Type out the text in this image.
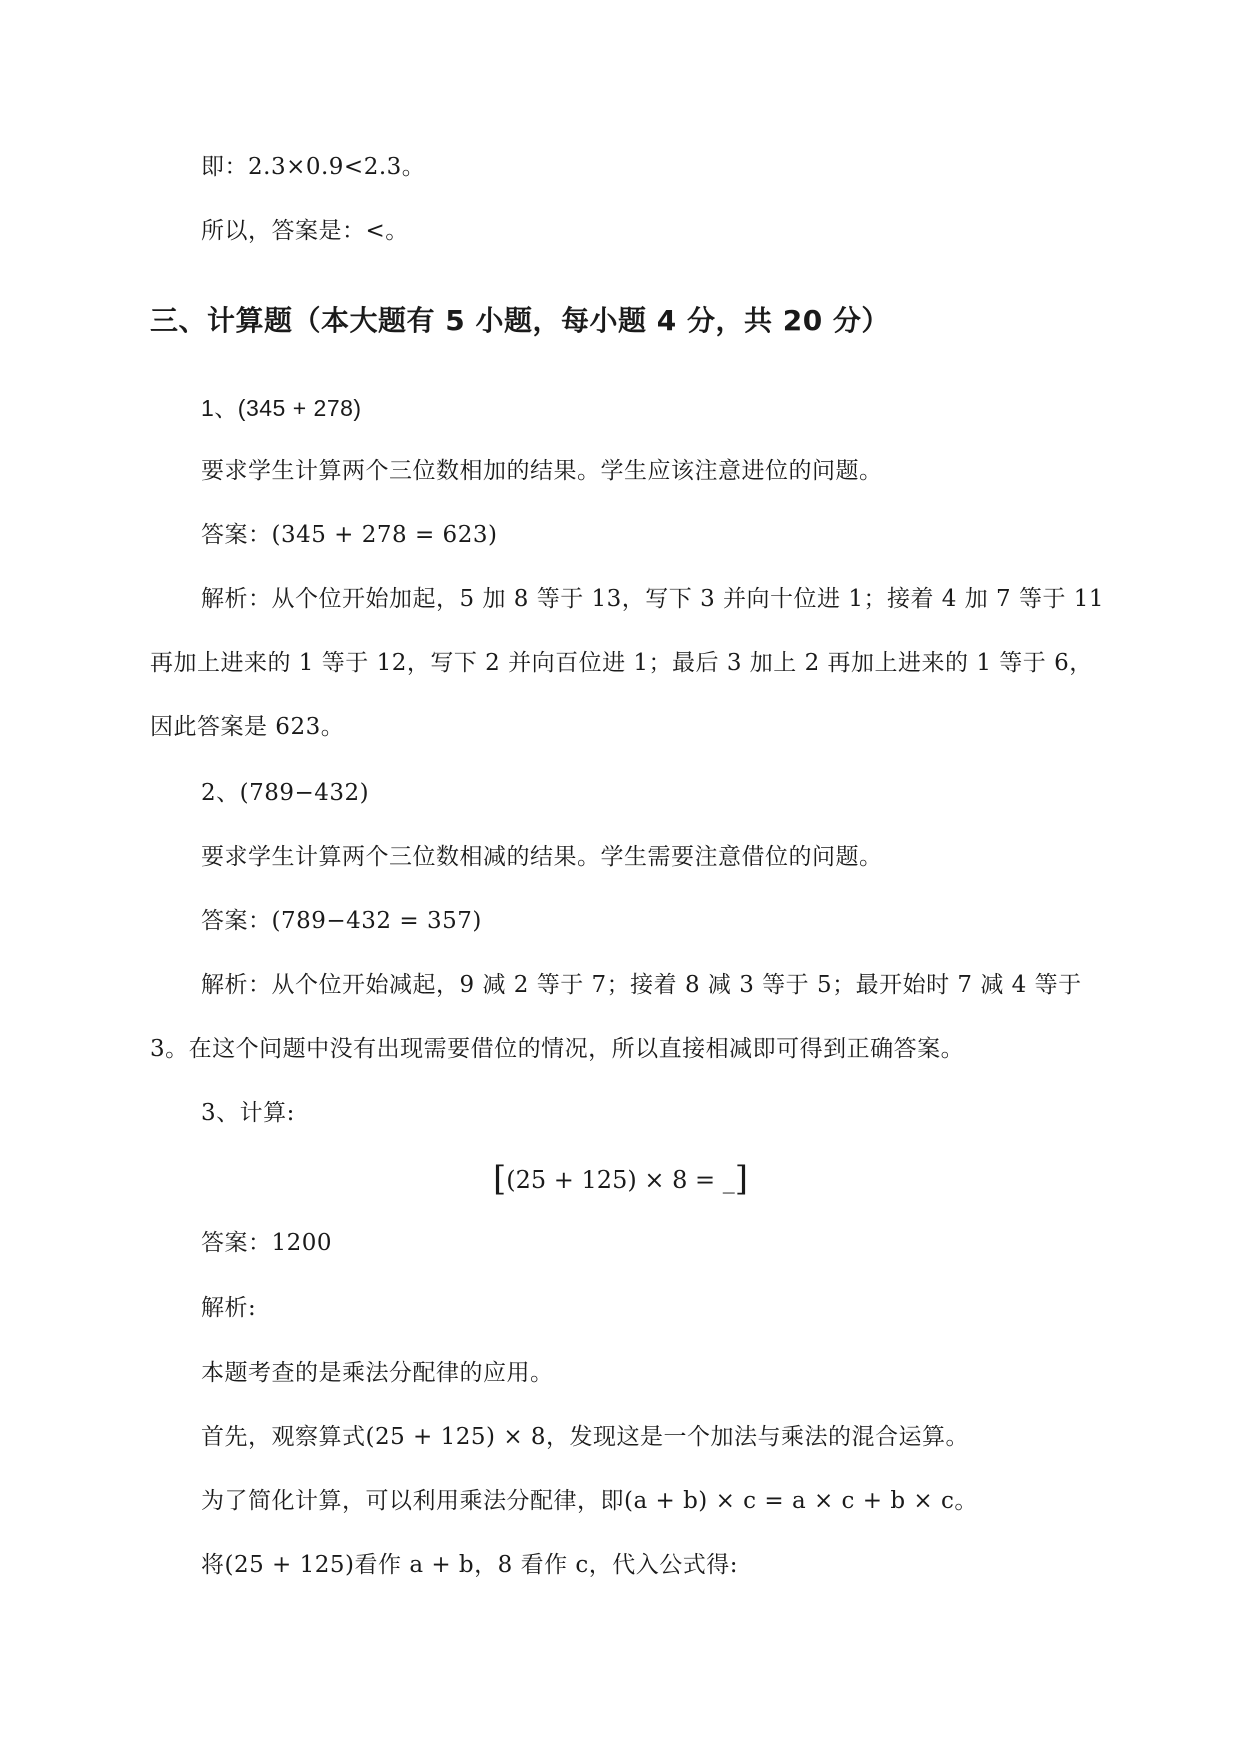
即：2.3×0.9<2.3。
所以，答案是：<。
三、计算题（本大题有 5 小题，每小题 4 分，共 20 分）
1、(345 + 278)
要求学生计算两个三位数相加的结果。学生应该注意进位的问题。
答案：(345 + 278 = 623)
解析：从个位开始加起，5 加 8 等于 13，写下 3 并向十位进 1；接着 4 加 7 等于 11
再加上进来的 1 等于 12，写下 2 并向百位进 1；最后 3 加上 2 再加上进来的 1 等于 6，
因此答案是 623。
2、(789−432)
要求学生计算两个三位数相减的结果。学生需要注意借位的问题。
答案：(789−432 = 357)
解析：从个位开始减起，9 减 2 等于 7；接着 8 减 3 等于 5；最开始时 7 减 4 等于
3。在这个问题中没有出现需要借位的情况，所以直接相减即可得到正确答案。
3、计算:
[(25 + 125) × 8 = _]
答案：1200
解析:
本题考查的是乘法分配律的应用。
首先，观察算式(25 + 125) × 8，发现这是一个加法与乘法的混合运算。
为了简化计算，可以利用乘法分配律，即(a + b) × c = a × c + b × c。
将(25 + 125)看作 a + b，8 看作 c，代入公式得:
